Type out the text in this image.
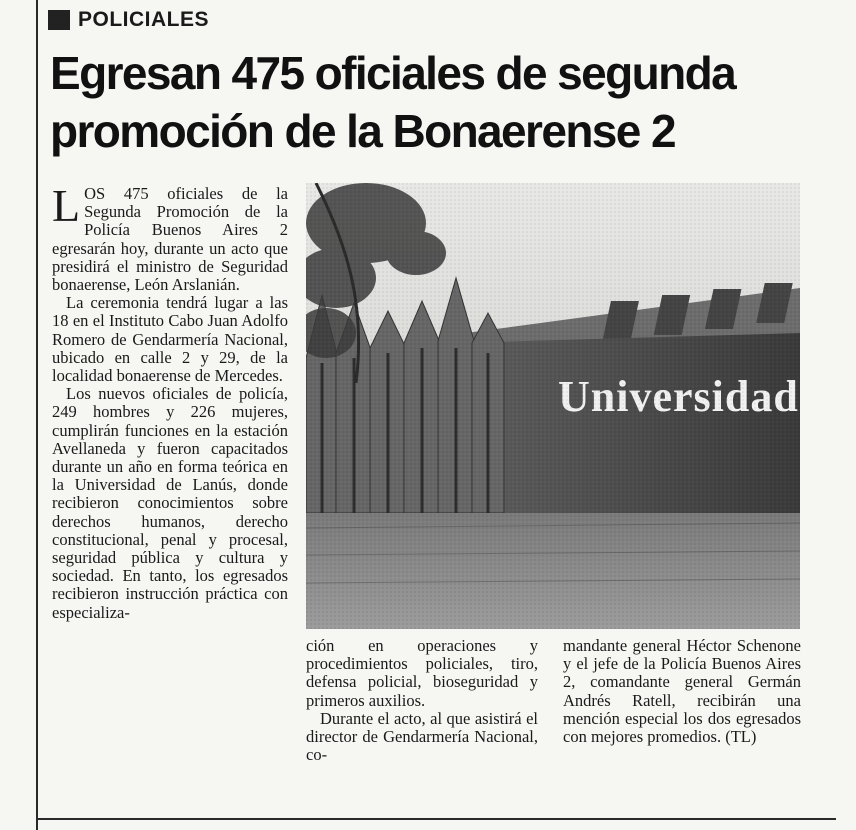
POLICIALES
Egresan 475 oficiales de segunda
promoción de la Bonaerense 2

LOS 475 oficiales de la Segunda Promoción de la Policía Buenos Aires 2 egresarán hoy, durante un acto que presidirá el ministro de Seguridad bonaerense, León Arslanián.

La ceremonia tendrá lugar a las 18 en el Instituto Cabo Juan Adolfo Romero de Gendarmería Nacional, ubicado en calle 2 y 29, de la localidad bonaerense de Mercedes.

Los nuevos oficiales de policía, 249 hombres y 226 mujeres, cumplirán funciones en la estación Avellaneda y fueron capacitados durante un año en forma teórica en la Universidad de Lanús, donde recibieron conocimientos sobre derechos humanos, derecho constitucional, penal y procesal, seguridad pública y cultura y sociedad. En tanto, los egresados recibieron instrucción práctica con especializa-

ción en operaciones y procedimientos policiales, tiro, defensa policial, bioseguridad y primeros auxilios.

Durante el acto, al que asistirá el director de Gendarmería Nacional, co-

mandante general Héctor Schenone y el jefe de la Policía Buenos Aires 2, comandante general Germán Andrés Ratell, recibirán una mención especial los dos egresados con mejores promedios. (TL)
